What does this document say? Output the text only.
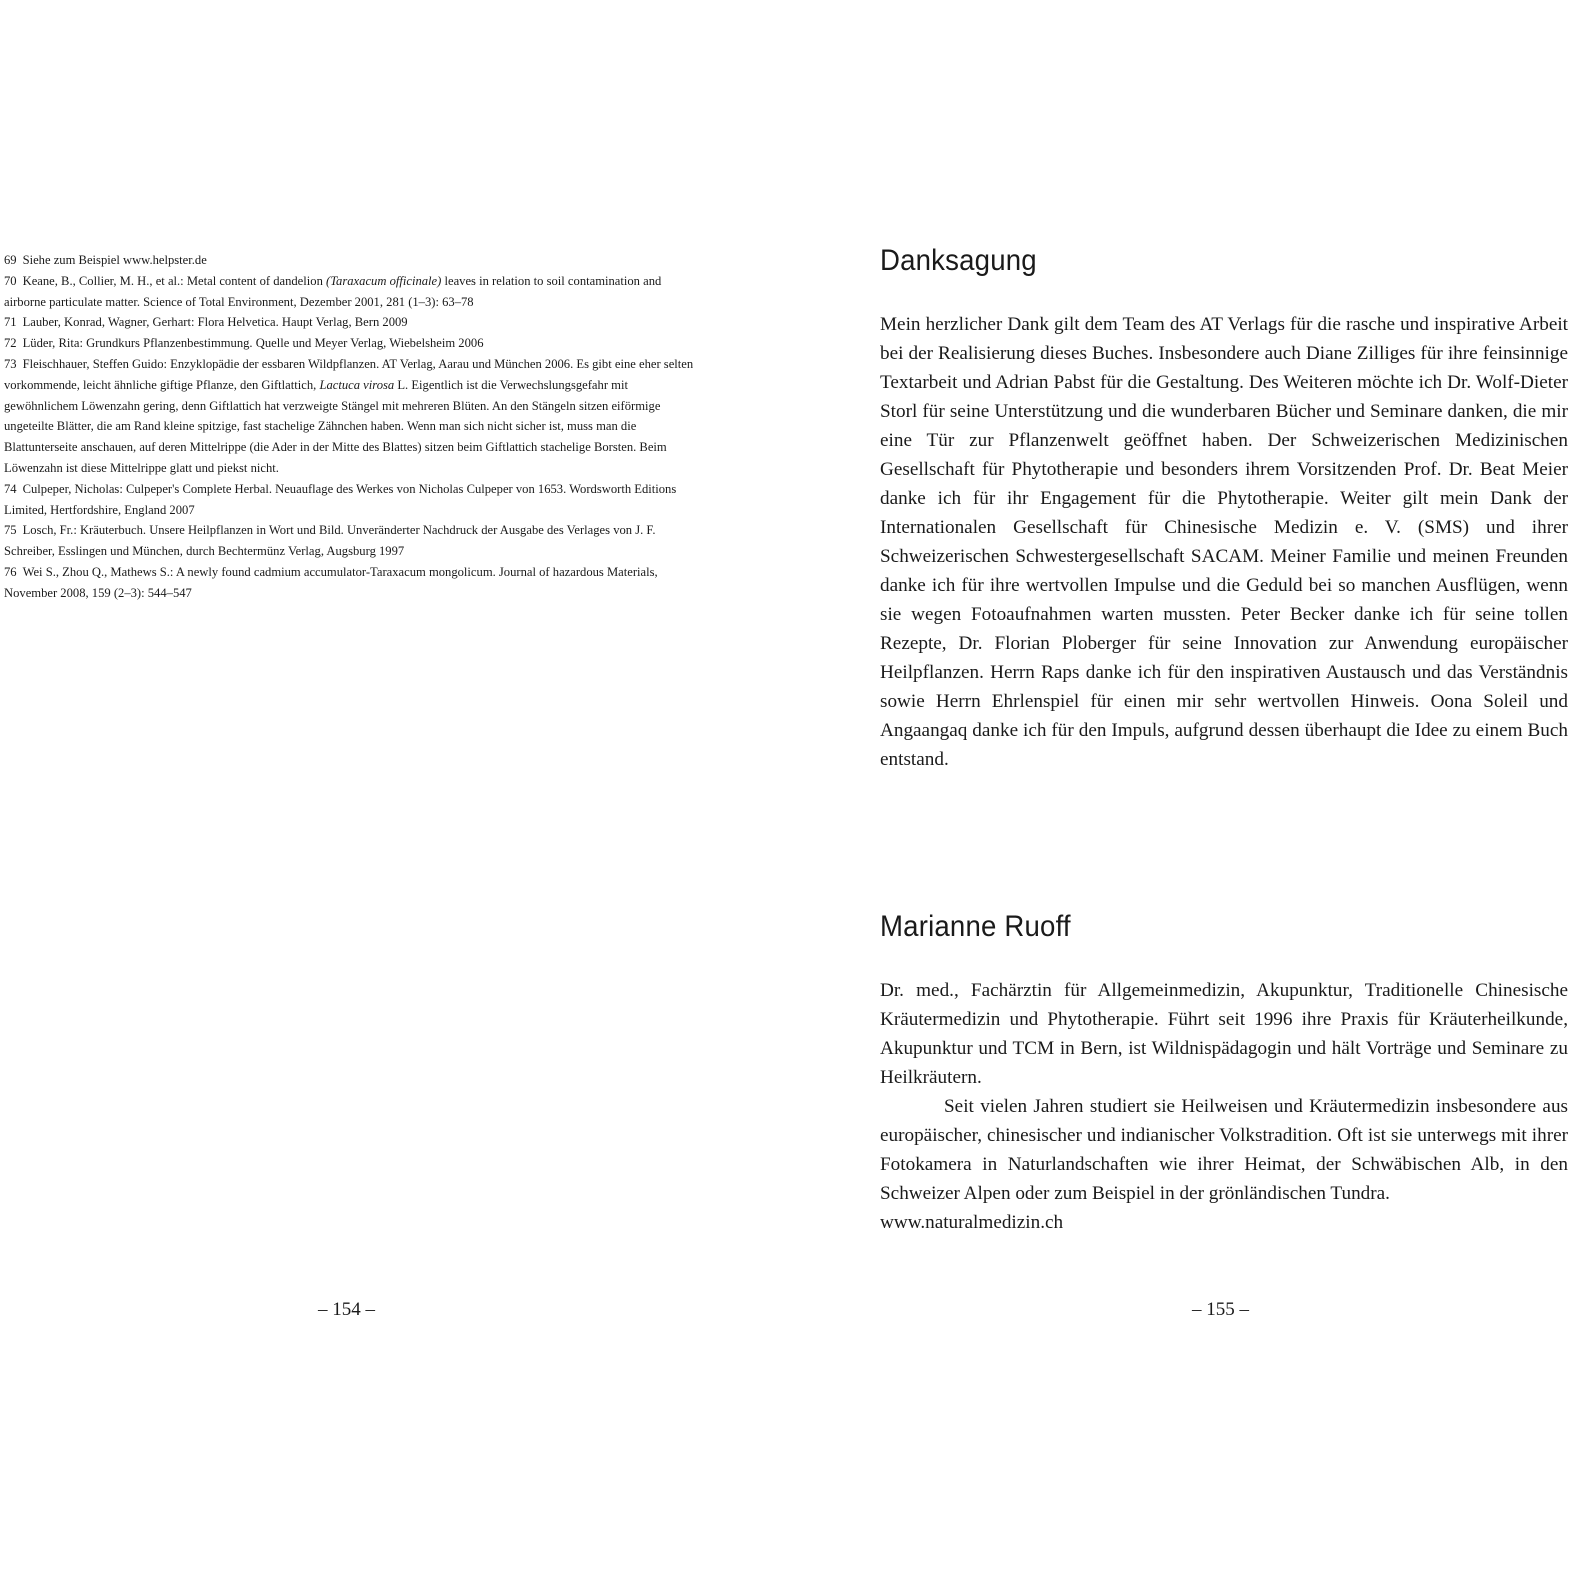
69 Siehe zum Beispiel www.helpster.de

70 Keane, B., Collier, M. H., et al.: Metal content of dandelion (Taraxacum officinale) leaves in relation to soil contamination and airborne particulate matter. Science of Total Environment, Dezember 2001, 281 (1–3): 63–78

71 Lauber, Konrad, Wagner, Gerhart: Flora Helvetica. Haupt Verlag, Bern 2009

72 Lüder, Rita: Grundkurs Pflanzenbestimmung. Quelle und Meyer Verlag, Wiebelsheim 2006

73 Fleischhauer, Steffen Guido: Enzyklopädie der essbaren Wildpflanzen. AT Verlag, Aarau und München 2006. Es gibt eine eher selten vorkommende, leicht ähnliche giftige Pflanze, den Giftlattich, Lactuca virosa L. Eigentlich ist die Verwechslungsgefahr mit gewöhnlichem Löwenzahn gering, denn Giftlattich hat verzweigte Stängel mit mehreren Blüten. An den Stängeln sitzen eiförmige ungeteilte Blätter, die am Rand kleine spitzige, fast stachelige Zähnchen haben. Wenn man sich nicht sicher ist, muss man die Blattunterseite anschauen, auf deren Mittelrippe (die Ader in der Mitte des Blattes) sitzen beim Giftlattich stachelige Borsten. Beim Löwenzahn ist diese Mittelrippe glatt und piekst nicht.

74 Culpeper, Nicholas: Culpeper's Complete Herbal. Neuauflage des Werkes von Nicholas Culpeper von 1653. Wordsworth Editions Limited, Hertfordshire, England 2007

75 Losch, Fr.: Kräuterbuch. Unsere Heilpflanzen in Wort und Bild. Unveränderter Nachdruck der Ausgabe des Verlages von J. F. Schreiber, Esslingen und München, durch Bechtermünz Verlag, Augsburg 1997

76 Wei S., Zhou Q., Mathews S.: A newly found cadmium accumulator-Taraxacum mongolicum. Journal of hazardous Materials, November 2008, 159 (2–3): 544–547

– 154 –
Danksagung

Mein herzlicher Dank gilt dem Team des AT Verlags für die rasche und inspirative Arbeit bei der Realisierung dieses Buches. Insbesondere auch Diane Zilliges für ihre feinsinnige Textarbeit und Adrian Pabst für die Gestaltung. Des Weiteren möchte ich Dr. Wolf-Dieter Storl für seine Unterstützung und die wunderbaren Bücher und Seminare danken, die mir eine Tür zur Pflanzenwelt geöffnet haben. Der Schweizerischen Medizinischen Gesellschaft für Phytotherapie und besonders ihrem Vorsitzenden Prof. Dr. Beat Meier danke ich für ihr Engagement für die Phytotherapie. Weiter gilt mein Dank der Internationalen Gesellschaft für Chinesische Medizin e. V. (SMS) und ihrer Schweizerischen Schwestergesellschaft SACAM. Meiner Familie und meinen Freunden danke ich für ihre wertvollen Impulse und die Geduld bei so manchen Ausflügen, wenn sie wegen Fotoaufnahmen warten mussten. Peter Becker danke ich für seine tollen Rezepte, Dr. Florian Ploberger für seine Innovation zur Anwendung europäischer Heilpflanzen. Herrn Raps danke ich für den inspirativen Austausch und das Verständnis sowie Herrn Ehrlenspiel für einen mir sehr wertvollen Hinweis. Oona Soleil und Angaangaq danke ich für den Impuls, aufgrund dessen überhaupt die Idee zu einem Buch entstand.

Marianne Ruoff

Dr. med., Fachärztin für Allgemeinmedizin, Akupunktur, Traditionelle Chinesische Kräutermedizin und Phytotherapie. Führt seit 1996 ihre Praxis für Kräuterheilkunde, Akupunktur und TCM in Bern, ist Wildnispädagogin und hält Vorträge und Seminare zu Heilkräutern.

Seit vielen Jahren studiert sie Heilweisen und Kräutermedizin insbesondere aus europäischer, chinesischer und indianischer Volkstradition. Oft ist sie unterwegs mit ihrer Fotokamera in Naturlandschaften wie ihrer Heimat, der Schwäbischen Alb, in den Schweizer Alpen oder zum Beispiel in der grönländischen Tundra.

www.naturalmedizin.ch

– 155 –
